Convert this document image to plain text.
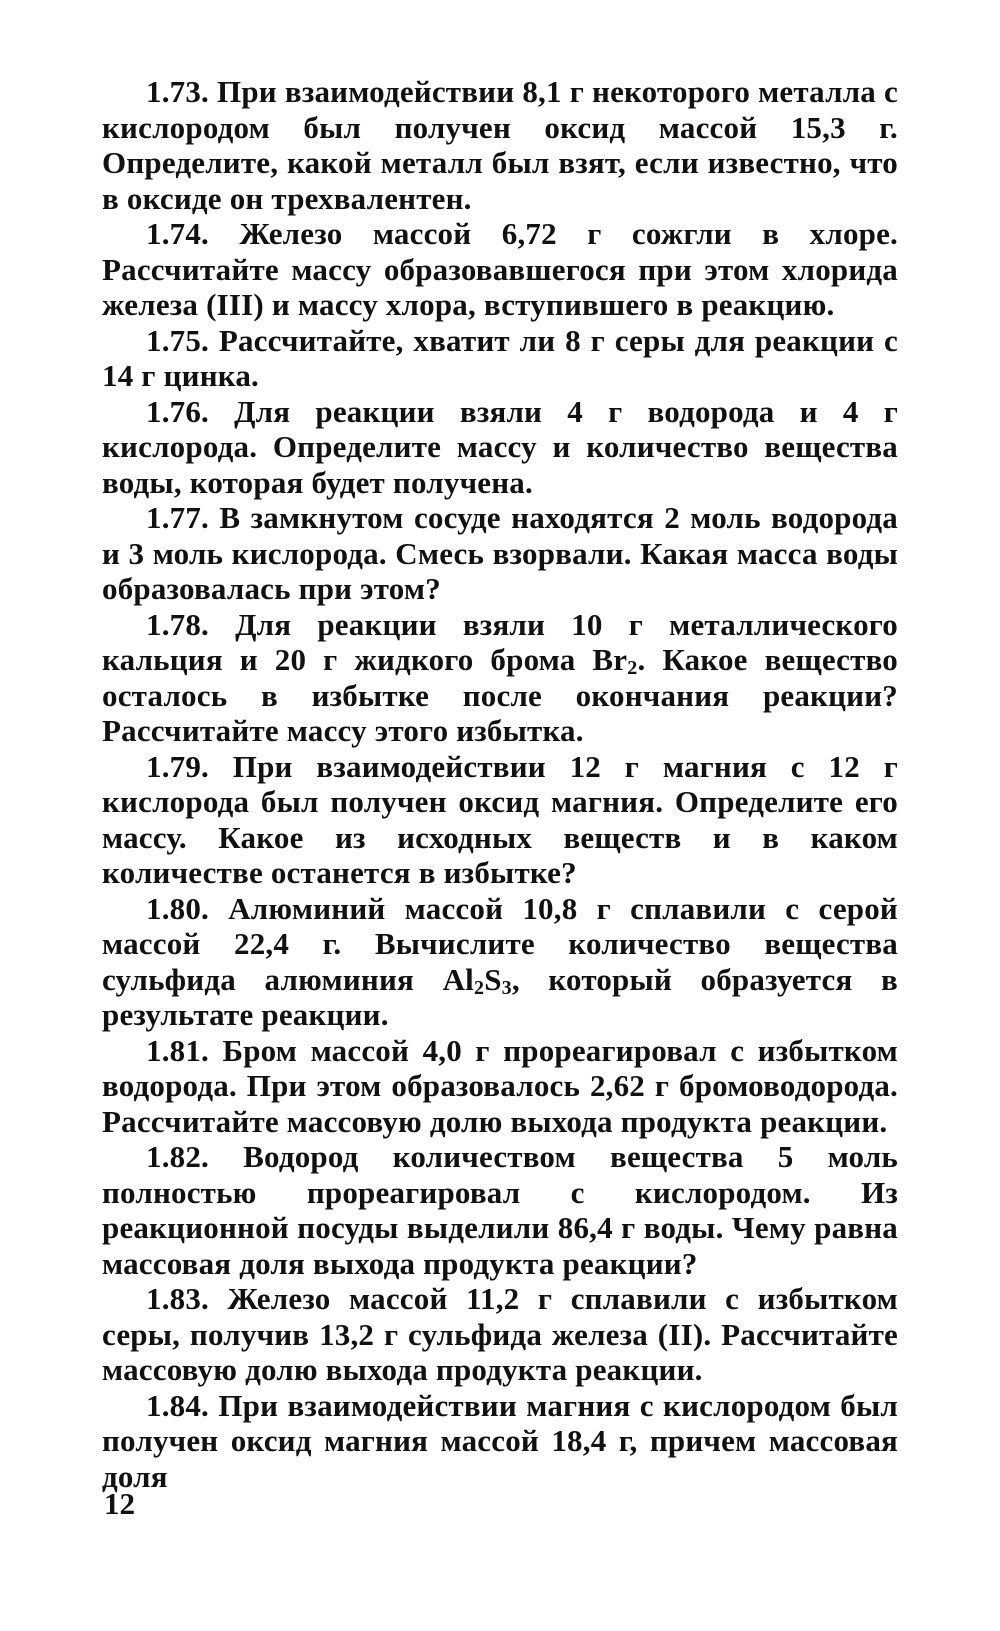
1.73. При взаимодействии 8,1 г некоторого металла с кислородом был получен оксид массой 15,3 г. Определите, какой металл был взят, если известно, что в оксиде он трехвалентен.

1.74. Железо массой 6,72 г сожгли в хлоре. Рассчитайте массу образовавшегося при этом хлорида железа (III) и массу хлора, вступившего в реакцию.

1.75. Рассчитайте, хватит ли 8 г серы для реакции с 14 г цинка.

1.76. Для реакции взяли 4 г водорода и 4 г кислорода. Определите массу и количество вещества воды, которая будет получена.

1.77. В замкнутом сосуде находятся 2 моль водорода и 3 моль кислорода. Смесь взорвали. Какая масса воды образовалась при этом?

1.78. Для реакции взяли 10 г металлического кальция и 20 г жидкого брома $Br_2$. Какое вещество осталось в избытке после окончания реакции? Рассчитайте массу этого избытка.

1.79. При взаимодействии 12 г магния с 12 г кислорода был получен оксид магния. Определите его массу. Какое из исходных веществ и в каком количестве останется в избытке?

1.80. Алюминий массой 10,8 г сплавили с серой массой 22,4 г. Вычислите количество вещества сульфида алюминия $Al_2S_3$, который образуется в результате реакции.

1.81. Бром массой 4,0 г прореагировал с избытком водорода. При этом образовалось 2,62 г бромоводорода. Рассчитайте массовую долю выхода продукта реакции.

1.82. Водород количеством вещества 5 моль полностью прореагировал с кислородом. Из реакционной посуды выделили 86,4 г воды. Чему равна массовая доля выхода продукта реакции?

1.83. Железо массой 11,2 г сплавили с избытком серы, получив 13,2 г сульфида железа (II). Рассчитайте массовую долю выхода продукта реакции.

1.84. При взаимодействии магния с кислородом был получен оксид магния массой 18,4 г, причем массовая доля

12
